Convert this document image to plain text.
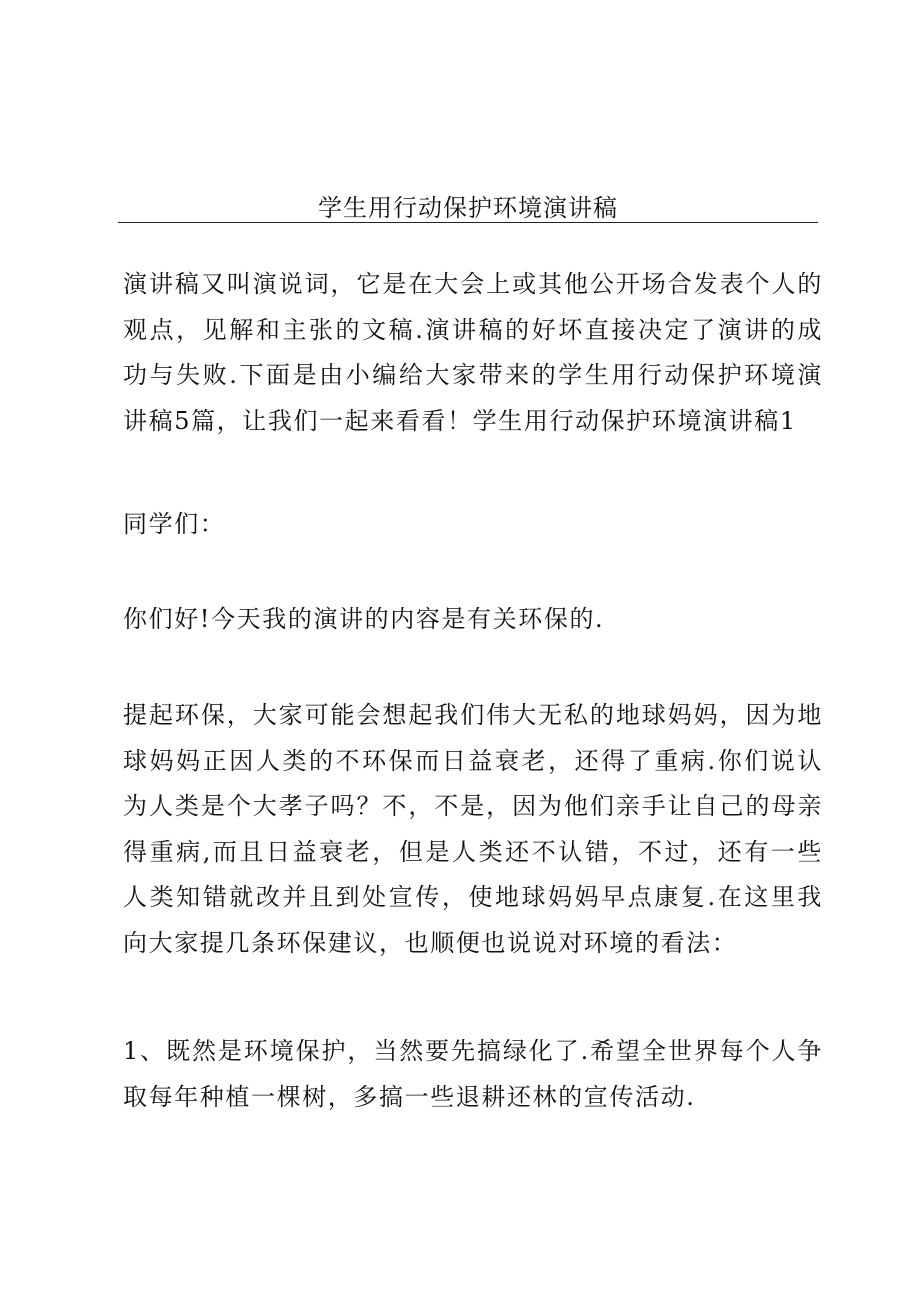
学生用行动保护环境演讲稿

演讲稿又叫演说词，它是在大会上或其他公开场合发表个人的观点，见解和主张的文稿.演讲稿的好坏直接决定了演讲的成功与失败.下面是由小编给大家带来的学生用行动保护环境演讲稿5篇，让我们一起来看看！学生用行动保护环境演讲稿1

同学们：

你们好!今天我的演讲的内容是有关环保的.

提起环保，大家可能会想起我们伟大无私的地球妈妈，因为地球妈妈正因人类的不环保而日益衰老，还得了重病.你们说认为人类是个大孝子吗？不，不是，因为他们亲手让自己的母亲得重病,而且日益衰老，但是人类还不认错，不过，还有一些人类知错就改并且到处宣传，使地球妈妈早点康复.在这里我向大家提几条环保建议，也顺便也说说对环境的看法：

1、既然是环境保护，当然要先搞绿化了.希望全世界每个人争取每年种植一棵树，多搞一些退耕还林的宣传活动.
